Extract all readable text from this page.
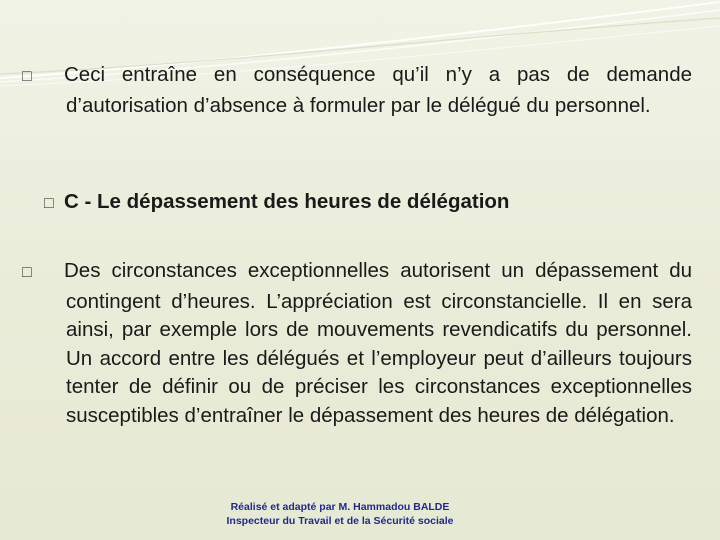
□ Ceci entraîne en conséquence qu’il n’y a pas de demande d’autorisation d’absence à formuler par le délégué du personnel.
□ C - Le dépassement des heures de délégation
□ Des circonstances exceptionnelles autorisent un dépassement du contingent d’heures. L’appréciation est circonstancielle. Il en sera ainsi, par exemple lors de mouvements revendicatifs du personnel. Un accord entre les délégués et l’employeur peut d’ailleurs toujours tenter de définir ou de préciser les circonstances exceptionnelles susceptibles d’entraîner le dépassement des heures de délégation.
Réalisé et adapté par M. Hammadou BALDE
Inspecteur du Travail et de la Sécurité sociale
